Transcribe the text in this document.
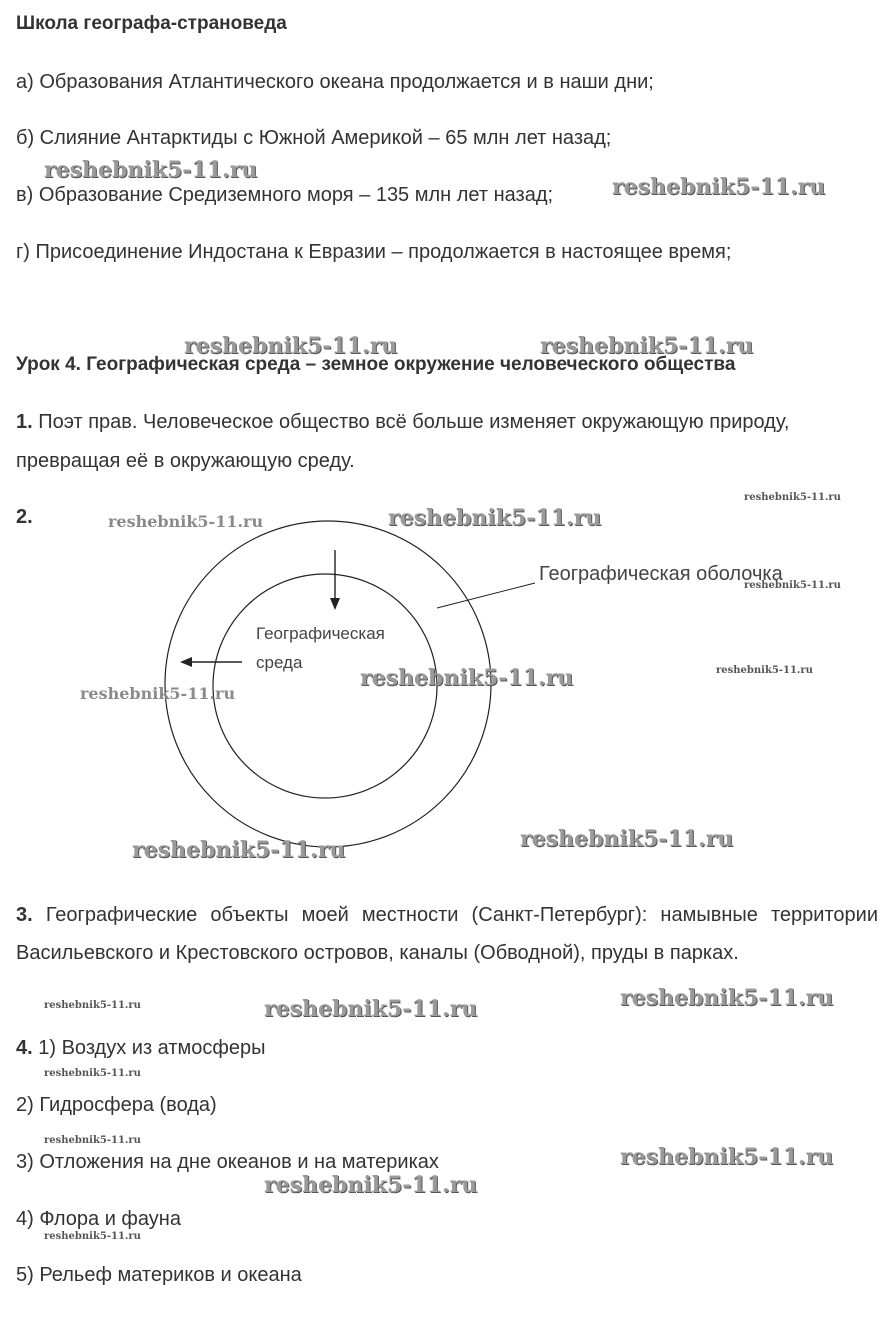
Школа географа-страноведа

а) Образования Атлантического океана продолжается и в наши дни;

б) Слияние Антарктиды с Южной Америкой – 65 млн лет назад;

в) Образование Средиземного моря – 135 млн лет назад;

г) Присоединение Индостана к Евразии – продолжается в настоящее время;

Урок 4. Географическая среда – земное окружение человеческого общества

1. Поэт прав. Человеческое общество всё больше изменяет окружающую природу,

превращая её в окружающую среду.

2.

Географическая оболочка
Географическая
среда

3. Географические объекты моей местности (Санкт-Петербург): намывные территории Васильевского и Крестовского островов, каналы (Обводной), пруды в парках.

4. 1) Воздух из атмосферы

2) Гидросфера (вода)

3) Отложения на дне океанов и на материках

4) Флора и фауна

5) Рельеф материков и океана

reshebnik5-11.ru
reshebnik5-11.ru
reshebnik5-11.ru	reshebnik5-11.ru
reshebnik5-11.ru	reshebnik5-11.ru
reshebnik5-11.ru
reshebnik5-11.ru
reshebnik5-11.ru	reshebnik5-11.ru
reshebnik5-11.ru
reshebnik5-11.ru	reshebnik5-11.ru
reshebnik5-11.ru	reshebnik5-11.ru	reshebnik5-11.ru
reshebnik5-11.ru
reshebnik5-11.ru
reshebnik5-11.ru
reshebnik5-11.ru
reshebnik5-11.ru
